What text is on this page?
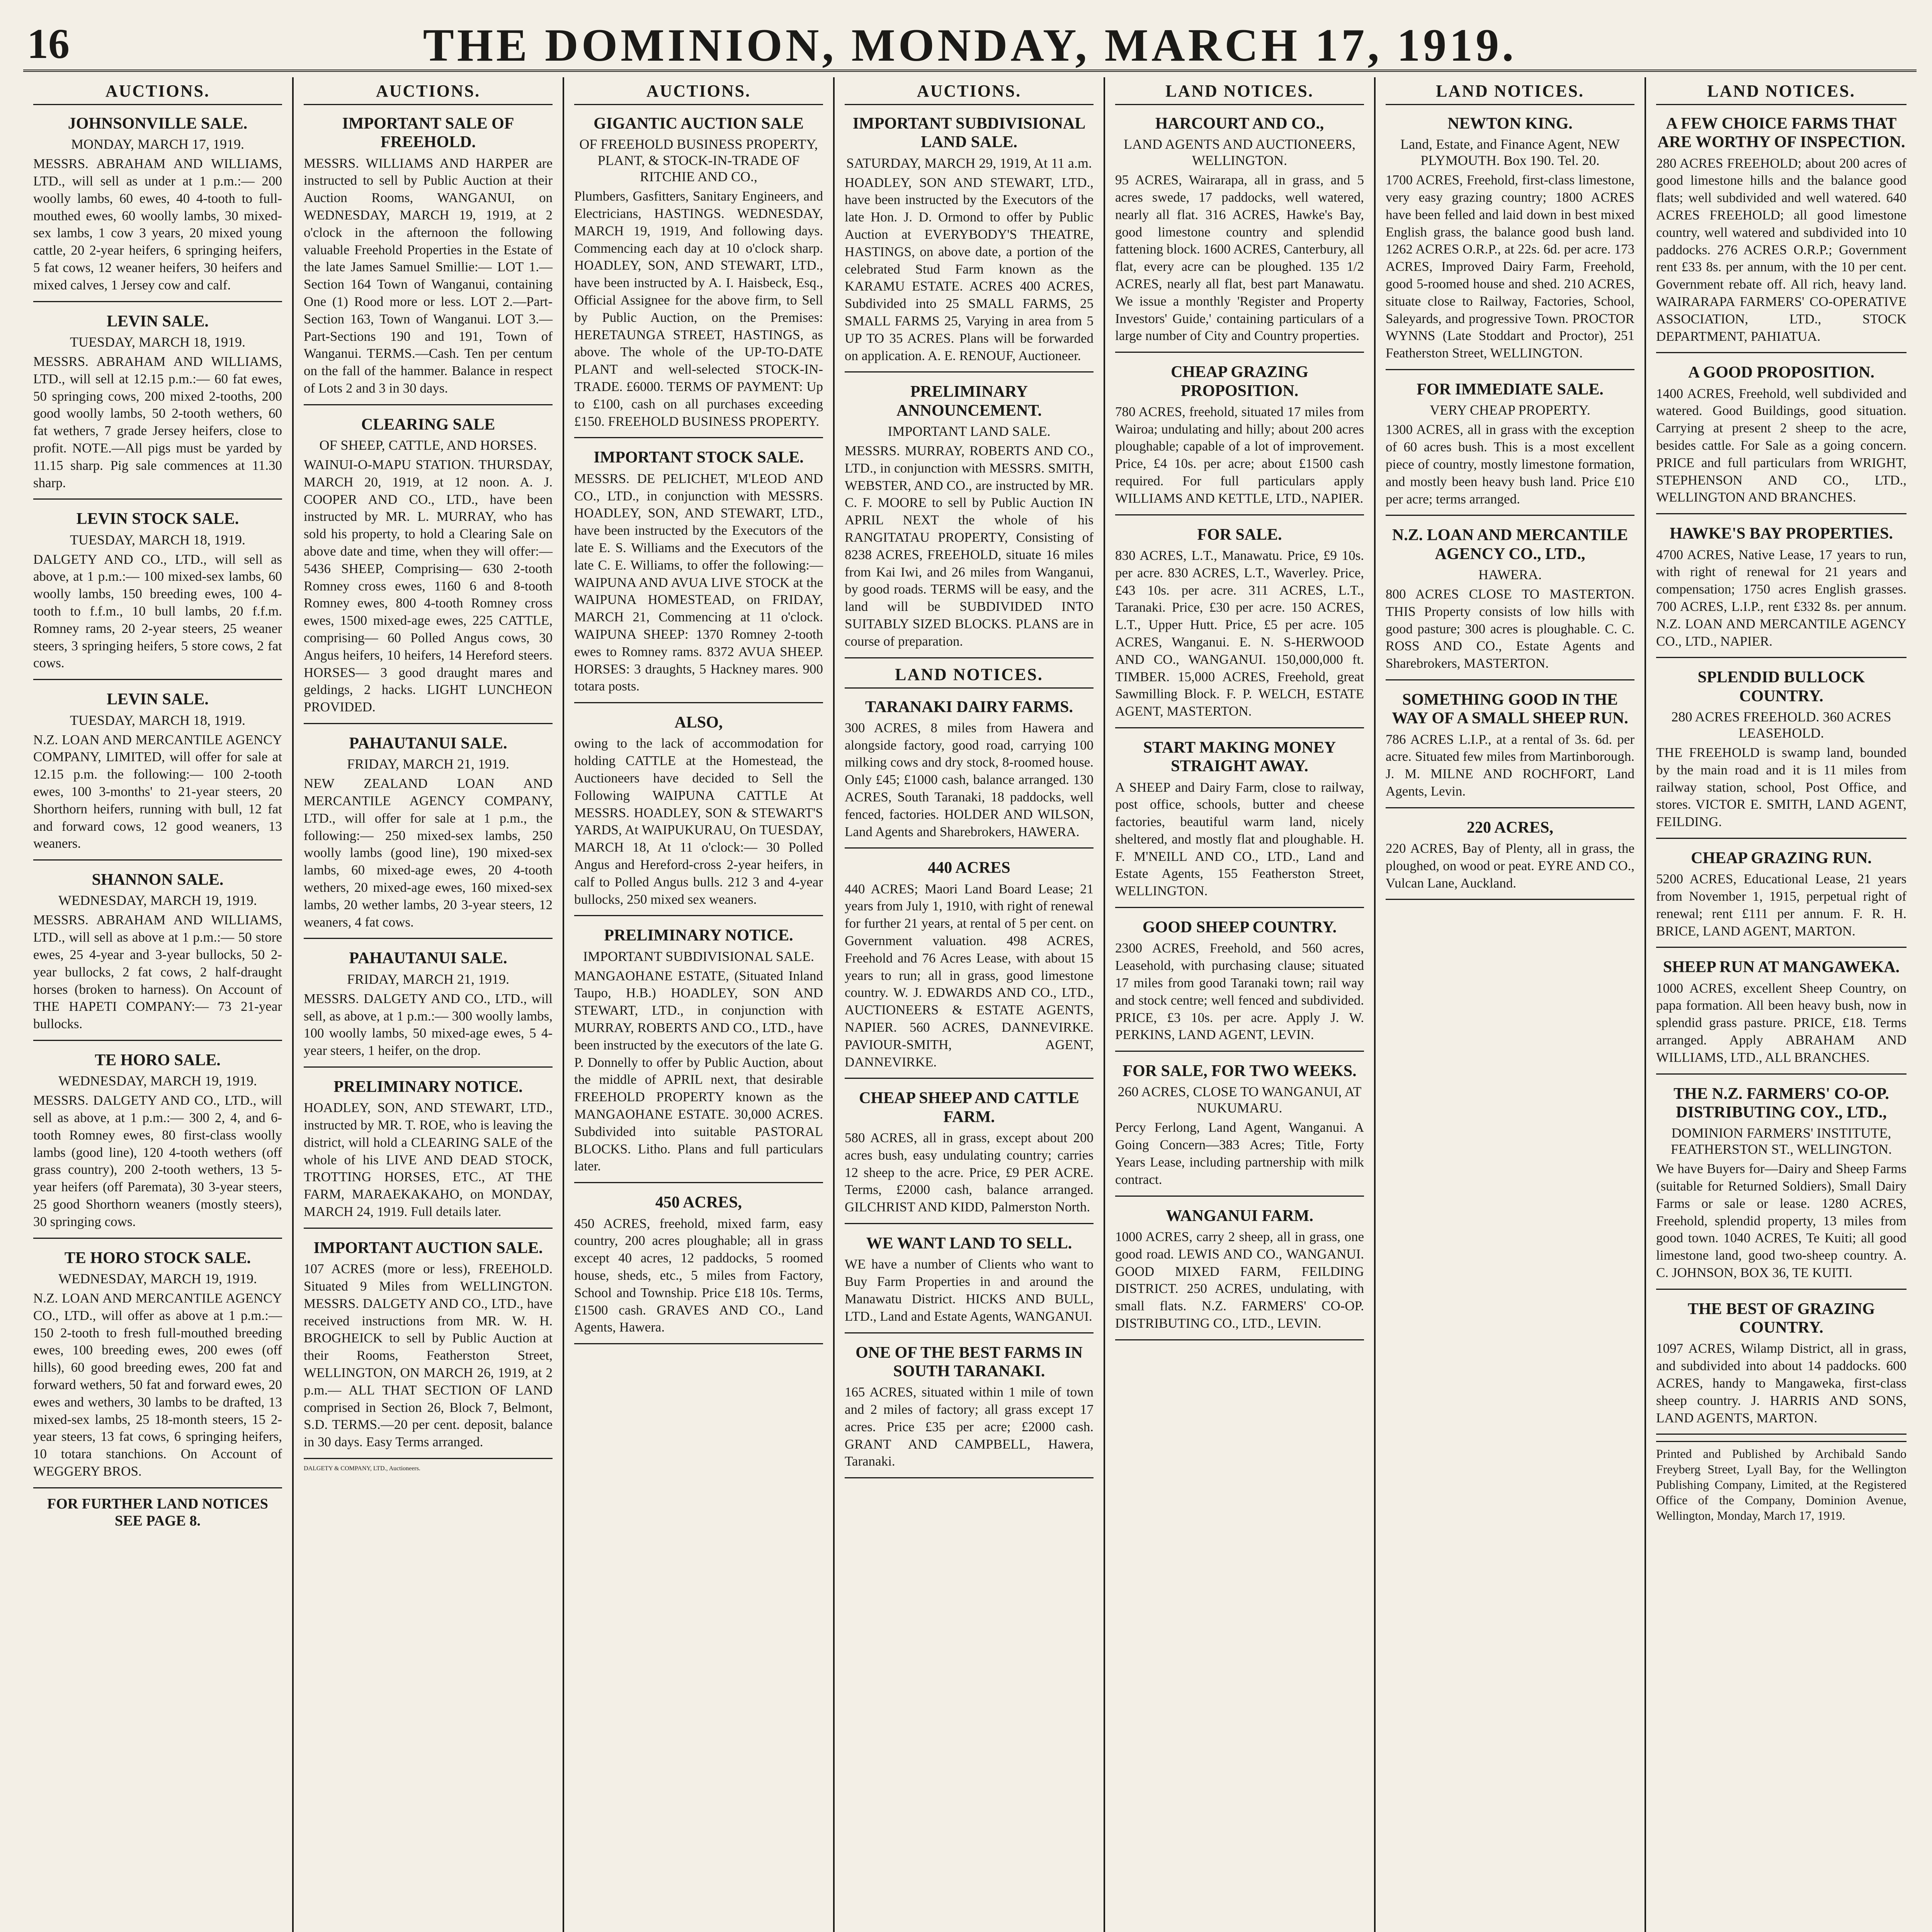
16	THE DOMINION, MONDAY, MARCH 17, 1919.
AUCTIONS.
JOHNSONVILLE SALE.
MONDAY, MARCH 17, 1919.

MESSRS. ABRAHAM AND WILLIAMS, LTD., will sell as under at 1 p.m.:— 200 woolly lambs, 60 ewes, 40 4-tooth to full-mouthed ewes, 60 woolly lambs, 30 mixed-sex lambs, 1 cow 3 years, 20 mixed young cattle, 20 2-year heifers, 6 springing heifers, 5 fat cows, 12 weaner heifers, 30 heifers and mixed calves, 1 Jersey cow and calf.

LEVIN SALE.
TUESDAY, MARCH 18, 1919.

MESSRS. ABRAHAM AND WILLIAMS, LTD., will sell at 12.15 p.m.:— 60 fat ewes, 50 springing cows, 200 mixed 2-tooths, 200 good woolly lambs, 50 2-tooth wethers, 60 fat wethers, 7 grade Jersey heifers, close to profit. NOTE.—All pigs must be yarded by 11.15 sharp. Pig sale commences at 11.30 sharp.

LEVIN STOCK SALE.
TUESDAY, MARCH 18, 1919.

DALGETY AND CO., LTD., will sell as above, at 1 p.m.:— 100 mixed-sex lambs, 60 woolly lambs, 150 breeding ewes, 100 4-tooth to f.f.m., 10 bull lambs, 20 f.f.m. Romney rams, 20 2-year steers, 25 weaner steers, 3 springing heifers, 5 store cows, 2 fat cows.

LEVIN SALE.
TUESDAY, MARCH 18, 1919.

N.Z. LOAN AND MERCANTILE AGENCY COMPANY, LIMITED, will offer for sale at 12.15 p.m. the following:— 100 2-tooth ewes, 100 3-months' to 21-year steers, 20 Shorthorn heifers, running with bull, 12 fat and forward cows, 12 good weaners, 13 weaners.

SHANNON SALE.
WEDNESDAY, MARCH 19, 1919.

MESSRS. ABRAHAM AND WILLIAMS, LTD., will sell as above at 1 p.m.:— 50 store ewes, 25 4-year and 3-year bullocks, 50 2-year bullocks, 2 fat cows, 2 half-draught horses (broken to harness). On Account of THE HAPETI COMPANY:— 73 21-year bullocks.

TE HORO SALE.
WEDNESDAY, MARCH 19, 1919.

MESSRS. DALGETY AND CO., LTD., will sell as above, at 1 p.m.:— 300 2, 4, and 6-tooth Romney ewes, 80 first-class woolly lambs (good line), 120 4-tooth wethers (off grass country), 200 2-tooth wethers, 13 5-year heifers (off Paremata), 30 3-year steers, 25 good Shorthorn weaners (mostly steers), 30 springing cows.

TE HORO STOCK SALE.
WEDNESDAY, MARCH 19, 1919.

N.Z. LOAN AND MERCANTILE AGENCY CO., LTD., will offer as above at 1 p.m.:— 150 2-tooth to fresh full-mouthed breeding ewes, 100 breeding ewes, 200 ewes (off hills), 60 good breeding ewes, 200 fat and forward wethers, 50 fat and forward ewes, 20 ewes and wethers, 30 lambs to be drafted, 13 mixed-sex lambs, 25 18-month steers, 15 2-year steers, 13 fat cows, 6 springing heifers, 10 totara stanchions. On Account of WEGGERY BROS.

FOR FURTHER LAND NOTICES SEE PAGE 8.
AUCTIONS.
IMPORTANT SALE OF FREEHOLD.

MESSRS. WILLIAMS AND HARPER are instructed to sell by Public Auction at their Auction Rooms, WANGANUI, on WEDNESDAY, MARCH 19, 1919, at 2 o'clock in the afternoon the following valuable Freehold Properties in the Estate of the late James Samuel Smillie:— LOT 1.—Section 164 Town of Wanganui, containing One (1) Rood more or less. LOT 2.—Part-Section 163, Town of Wanganui. LOT 3.—Part-Sections 190 and 191, Town of Wanganui. TERMS.—Cash. Ten per centum on the fall of the hammer. Balance in respect of Lots 2 and 3 in 30 days.

CLEARING SALE
OF SHEEP, CATTLE, AND HORSES.

WAINUI-O-MAPU STATION. THURSDAY, MARCH 20, 1919, at 12 noon. A. J. COOPER AND CO., LTD., have been instructed by MR. L. MURRAY, who has sold his property, to hold a Clearing Sale on above date and time, when they will offer:— 5436 SHEEP, Comprising— 630 2-tooth Romney cross ewes, 1160 6 and 8-tooth Romney ewes, 800 4-tooth Romney cross ewes, 1500 mixed-age ewes, 225 CATTLE, comprising— 60 Polled Angus cows, 30 Angus heifers, 10 heifers, 14 Hereford steers. HORSES— 3 good draught mares and geldings, 2 hacks. LIGHT LUNCHEON PROVIDED.

PAHAUTANUI SALE.
FRIDAY, MARCH 21, 1919.

NEW ZEALAND LOAN AND MERCANTILE AGENCY COMPANY, LTD., will offer for sale at 1 p.m., the following:— 250 mixed-sex lambs, 250 woolly lambs (good line), 190 mixed-sex lambs, 60 mixed-age ewes, 20 4-tooth wethers, 20 mixed-age ewes, 160 mixed-sex lambs, 20 wether lambs, 20 3-year steers, 12 weaners, 4 fat cows.

PAHAUTANUI SALE.
FRIDAY, MARCH 21, 1919.

MESSRS. DALGETY AND CO., LTD., will sell, as above, at 1 p.m.:— 300 woolly lambs, 100 woolly lambs, 50 mixed-age ewes, 5 4-year steers, 1 heifer, on the drop.

PRELIMINARY NOTICE.

HOADLEY, SON, AND STEWART, LTD., instructed by MR. T. ROE, who is leaving the district, will hold a CLEARING SALE of the whole of his LIVE AND DEAD STOCK, TROTTING HORSES, ETC., AT THE FARM, MARAEKAKAHO, on MONDAY, MARCH 24, 1919. Full details later.

IMPORTANT AUCTION SALE.

107 ACRES (more or less), FREEHOLD. Situated 9 Miles from WELLINGTON. MESSRS. DALGETY AND CO., LTD., have received instructions from MR. W. H. BROGHEICK to sell by Public Auction at their Rooms, Featherston Street, WELLINGTON, ON MARCH 26, 1919, at 2 p.m.— ALL THAT SECTION OF LAND comprised in Section 26, Block 7, Belmont, S.D. TERMS.—20 per cent. deposit, balance in 30 days. Easy Terms arranged.

DALGETY & COMPANY, LTD., Auctioneers.
AUCTIONS.
GIGANTIC AUCTION SALE
OF FREEHOLD BUSINESS PROPERTY, PLANT, & STOCK-IN-TRADE OF RITCHIE AND CO.,

Plumbers, Gasfitters, Sanitary Engineers, and Electricians, HASTINGS. WEDNESDAY, MARCH 19, 1919, And following days. Commencing each day at 10 o'clock sharp. HOADLEY, SON, AND STEWART, LTD., have been instructed by A. I. Haisbeck, Esq., Official Assignee for the above firm, to Sell by Public Auction, on the Premises: HERETAUNGA STREET, HASTINGS, as above. The whole of the UP-TO-DATE PLANT and well-selected STOCK-IN-TRADE. £6000. TERMS OF PAYMENT: Up to £100, cash on all purchases exceeding £150. FREEHOLD BUSINESS PROPERTY.

IMPORTANT STOCK SALE.

MESSRS. DE PELICHET, M'LEOD AND CO., LTD., in conjunction with MESSRS. HOADLEY, SON, AND STEWART, LTD., have been instructed by the Executors of the late E. S. Williams and the Executors of the late C. E. Williams, to offer the following:— WAIPUNA AND AVUA LIVE STOCK at the WAIPUNA HOMESTEAD, on FRIDAY, MARCH 21, Commencing at 11 o'clock. WAIPUNA SHEEP: 1370 Romney 2-tooth ewes to Romney rams. 8372 AVUA SHEEP. HORSES: 3 draughts, 5 Hackney mares. 900 totara posts.

ALSO,

owing to the lack of accommodation for holding CATTLE at the Homestead, the Auctioneers have decided to Sell the Following WAIPUNA CATTLE At MESSRS. HOADLEY, SON & STEWART'S YARDS, At WAIPUKURAU, On TUESDAY, MARCH 18, At 11 o'clock:— 30 Polled Angus and Hereford-cross 2-year heifers, in calf to Polled Angus bulls. 212 3 and 4-year bullocks, 250 mixed sex weaners.

PRELIMINARY NOTICE.
IMPORTANT SUBDIVISIONAL SALE.

MANGAOHANE ESTATE, (Situated Inland Taupo, H.B.) HOADLEY, SON AND STEWART, LTD., in conjunction with MURRAY, ROBERTS AND CO., LTD., have been instructed by the executors of the late G. P. Donnelly to offer by Public Auction, about the middle of APRIL next, that desirable FREEHOLD PROPERTY known as the MANGAOHANE ESTATE. 30,000 ACRES. Subdivided into suitable PASTORAL BLOCKS. Litho. Plans and full particulars later.

450 ACRES,

450 ACRES, freehold, mixed farm, easy country, 200 acres ploughable; all in grass except 40 acres, 12 paddocks, 5 roomed house, sheds, etc., 5 miles from Factory, School and Township. Price £18 10s. Terms, £1500 cash. GRAVES AND CO., Land Agents, Hawera.

AUCTIONS.
IMPORTANT SUBDIVISIONAL LAND SALE.
SATURDAY, MARCH 29, 1919, At 11 a.m.

HOADLEY, SON AND STEWART, LTD., have been instructed by the Executors of the late Hon. J. D. Ormond to offer by Public Auction at EVERYBODY'S THEATRE, HASTINGS, on above date, a portion of the celebrated Stud Farm known as the KARAMU ESTATE. ACRES 400 ACRES, Subdivided into 25 SMALL FARMS, 25 SMALL FARMS 25, Varying in area from 5 UP TO 35 ACRES. Plans will be forwarded on application. A. E. RENOUF, Auctioneer.

PRELIMINARY ANNOUNCEMENT.
IMPORTANT LAND SALE.

MESSRS. MURRAY, ROBERTS AND CO., LTD., in conjunction with MESSRS. SMITH, WEBSTER, AND CO., are instructed by MR. C. F. MOORE to sell by Public Auction IN APRIL NEXT the whole of his RANGITATAU PROPERTY, Consisting of 8238 ACRES, FREEHOLD, situate 16 miles from Kai Iwi, and 26 miles from Wanganui, by good roads. TERMS will be easy, and the land will be SUBDIVIDED INTO SUITABLY SIZED BLOCKS. PLANS are in course of preparation.

LAND NOTICES.
TARANAKI DAIRY FARMS.

300 ACRES, 8 miles from Hawera and alongside factory, good road, carrying 100 milking cows and dry stock, 8-roomed house. Only £45; £1000 cash, balance arranged. 130 ACRES, South Taranaki, 18 paddocks, well fenced, factories. HOLDER AND WILSON, Land Agents and Sharebrokers, HAWERA.

440 ACRES

440 ACRES; Maori Land Board Lease; 21 years from July 1, 1910, with right of renewal for further 21 years, at rental of 5 per cent. on Government valuation. 498 ACRES, Freehold and 76 Acres Lease, with about 15 years to run; all in grass, good limestone country. W. J. EDWARDS AND CO., LTD., AUCTIONEERS & ESTATE AGENTS, NAPIER. 560 ACRES, DANNEVIRKE. PAVIOUR-SMITH, AGENT, DANNEVIRKE.

CHEAP SHEEP AND CATTLE FARM.

580 ACRES, all in grass, except about 200 acres bush, easy undulating country; carries 12 sheep to the acre. Price, £9 PER ACRE. Terms, £2000 cash, balance arranged. GILCHRIST AND KIDD, Palmerston North.

WE WANT LAND TO SELL.

WE have a number of Clients who want to Buy Farm Properties in and around the Manawatu District. HICKS AND BULL, LTD., Land and Estate Agents, WANGANUI.

ONE OF THE BEST FARMS IN SOUTH TARANAKI.

165 ACRES, situated within 1 mile of town and 2 miles of factory; all grass except 17 acres. Price £35 per acre; £2000 cash. GRANT AND CAMPBELL, Hawera, Taranaki.

LAND NOTICES.
HARCOURT AND CO.,
LAND AGENTS AND AUCTIONEERS, WELLINGTON.

95 ACRES, Wairarapa, all in grass, and 5 acres swede, 17 paddocks, well watered, nearly all flat. 316 ACRES, Hawke's Bay, good limestone country and splendid fattening block. 1600 ACRES, Canterbury, all flat, every acre can be ploughed. 135 1/2 ACRES, nearly all flat, best part Manawatu. We issue a monthly 'Register and Property Investors' Guide,' containing particulars of a large number of City and Country properties.

CHEAP GRAZING PROPOSITION.

780 ACRES, freehold, situated 17 miles from Wairoa; undulating and hilly; about 200 acres ploughable; capable of a lot of improvement. Price, £4 10s. per acre; about £1500 cash required. For full particulars apply WILLIAMS AND KETTLE, LTD., NAPIER.

FOR SALE.

830 ACRES, L.T., Manawatu. Price, £9 10s. per acre. 830 ACRES, L.T., Waverley. Price, £43 10s. per acre. 311 ACRES, L.T., Taranaki. Price, £30 per acre. 150 ACRES, L.T., Upper Hutt. Price, £5 per acre. 105 ACRES, Wanganui. E. N. S-HERWOOD AND CO., WANGANUI. 150,000,000 ft. TIMBER. 15,000 ACRES, Freehold, great Sawmilling Block. F. P. WELCH, ESTATE AGENT, MASTERTON.

START MAKING MONEY STRAIGHT AWAY.

A SHEEP and Dairy Farm, close to railway, post office, schools, butter and cheese factories, beautiful warm land, nicely sheltered, and mostly flat and ploughable. H. F. M'NEILL AND CO., LTD., Land and Estate Agents, 155 Featherston Street, WELLINGTON.

GOOD SHEEP COUNTRY.

2300 ACRES, Freehold, and 560 acres, Leasehold, with purchasing clause; situated 17 miles from good Taranaki town; rail way and stock centre; well fenced and subdivided. PRICE, £3 10s. per acre. Apply J. W. PERKINS, LAND AGENT, LEVIN.

FOR SALE, FOR TWO WEEKS.
260 ACRES, CLOSE TO WANGANUI, AT NUKUMARU.

Percy Ferlong, Land Agent, Wanganui. A Going Concern—383 Acres; Title, Forty Years Lease, including partnership with milk contract.

WANGANUI FARM.

1000 ACRES, carry 2 sheep, all in grass, one good road. LEWIS AND CO., WANGANUI. GOOD MIXED FARM, FEILDING DISTRICT. 250 ACRES, undulating, with small flats. N.Z. FARMERS' CO-OP. DISTRIBUTING CO., LTD., LEVIN.

LAND NOTICES.
NEWTON KING.
Land, Estate, and Finance Agent, NEW PLYMOUTH. Box 190. Tel. 20.

1700 ACRES, Freehold, first-class limestone, very easy grazing country; 1800 ACRES have been felled and laid down in best mixed English grass, the balance good bush land. 1262 ACRES O.R.P., at 22s. 6d. per acre. 173 ACRES, Improved Dairy Farm, Freehold, good 5-roomed house and shed. 210 ACRES, situate close to Railway, Factories, School, Saleyards, and progressive Town. PROCTOR WYNNS (Late Stoddart and Proctor), 251 Featherston Street, WELLINGTON.

FOR IMMEDIATE SALE.
VERY CHEAP PROPERTY.

1300 ACRES, all in grass with the exception of 60 acres bush. This is a most excellent piece of country, mostly limestone formation, and mostly been heavy bush land. Price £10 per acre; terms arranged.

N.Z. LOAN AND MERCANTILE AGENCY CO., LTD.,
HAWERA.

800 ACRES CLOSE TO MASTERTON. THIS Property consists of low hills with good pasture; 300 acres is ploughable. C. C. ROSS AND CO., Estate Agents and Sharebrokers, MASTERTON.

SOMETHING GOOD IN THE WAY OF A SMALL SHEEP RUN.

786 ACRES L.I.P., at a rental of 3s. 6d. per acre. Situated few miles from Martinborough. J. M. MILNE AND ROCHFORT, Land Agents, Levin.

220 ACRES,

220 ACRES, Bay of Plenty, all in grass, the ploughed, on wood or peat. EYRE AND CO., Vulcan Lane, Auckland.

LAND NOTICES.
A FEW CHOICE FARMS THAT ARE WORTHY OF INSPECTION.

280 ACRES FREEHOLD; about 200 acres of good limestone hills and the balance good flats; well subdivided and well watered. 640 ACRES FREEHOLD; all good limestone country, well watered and subdivided into 10 paddocks. 276 ACRES O.R.P.; Government rent £33 8s. per annum, with the 10 per cent. Government rebate off. All rich, heavy land. WAIRARAPA FARMERS' CO-OPERATIVE ASSOCIATION, LTD., STOCK DEPARTMENT, PAHIATUA.

A GOOD PROPOSITION.

1400 ACRES, Freehold, well subdivided and watered. Good Buildings, good situation. Carrying at present 2 sheep to the acre, besides cattle. For Sale as a going concern. PRICE and full particulars from WRIGHT, STEPHENSON AND CO., LTD., WELLINGTON AND BRANCHES.

HAWKE'S BAY PROPERTIES.

4700 ACRES, Native Lease, 17 years to run, with right of renewal for 21 years and compensation; 1750 acres English grasses. 700 ACRES, L.I.P., rent £332 8s. per annum. N.Z. LOAN AND MERCANTILE AGENCY CO., LTD., NAPIER.

SPLENDID BULLOCK COUNTRY.
280 ACRES FREEHOLD. 360 ACRES LEASEHOLD.

THE FREEHOLD is swamp land, bounded by the main road and it is 11 miles from railway station, school, Post Office, and stores. VICTOR E. SMITH, LAND AGENT, FEILDING.

CHEAP GRAZING RUN.

5200 ACRES, Educational Lease, 21 years from November 1, 1915, perpetual right of renewal; rent £111 per annum. F. R. H. BRICE, LAND AGENT, MARTON.

SHEEP RUN AT MANGAWEKA.

1000 ACRES, excellent Sheep Country, on papa formation. All been heavy bush, now in splendid grass pasture. PRICE, £18. Terms arranged. Apply ABRAHAM AND WILLIAMS, LTD., ALL BRANCHES.

THE N.Z. FARMERS' CO-OP. DISTRIBUTING COY., LTD.,
DOMINION FARMERS' INSTITUTE, FEATHERSTON ST., WELLINGTON.

We have Buyers for—Dairy and Sheep Farms (suitable for Returned Soldiers), Small Dairy Farms or sale or lease. 1280 ACRES, Freehold, splendid property, 13 miles from good town. 1040 ACRES, Te Kuiti; all good limestone land, good two-sheep country. A. C. JOHNSON, BOX 36, TE KUITI.

THE BEST OF GRAZING COUNTRY.

1097 ACRES, Wilamp District, all in grass, and subdivided into about 14 paddocks. 600 ACRES, handy to Mangaweka, first-class sheep country. J. HARRIS AND SONS, LAND AGENTS, MARTON.

Printed and Published by Archibald Sando Freyberg Street, Lyall Bay, for the Wellington Publishing Company, Limited, at the Registered Office of the Company, Dominion Avenue, Wellington, Monday, March 17, 1919.
